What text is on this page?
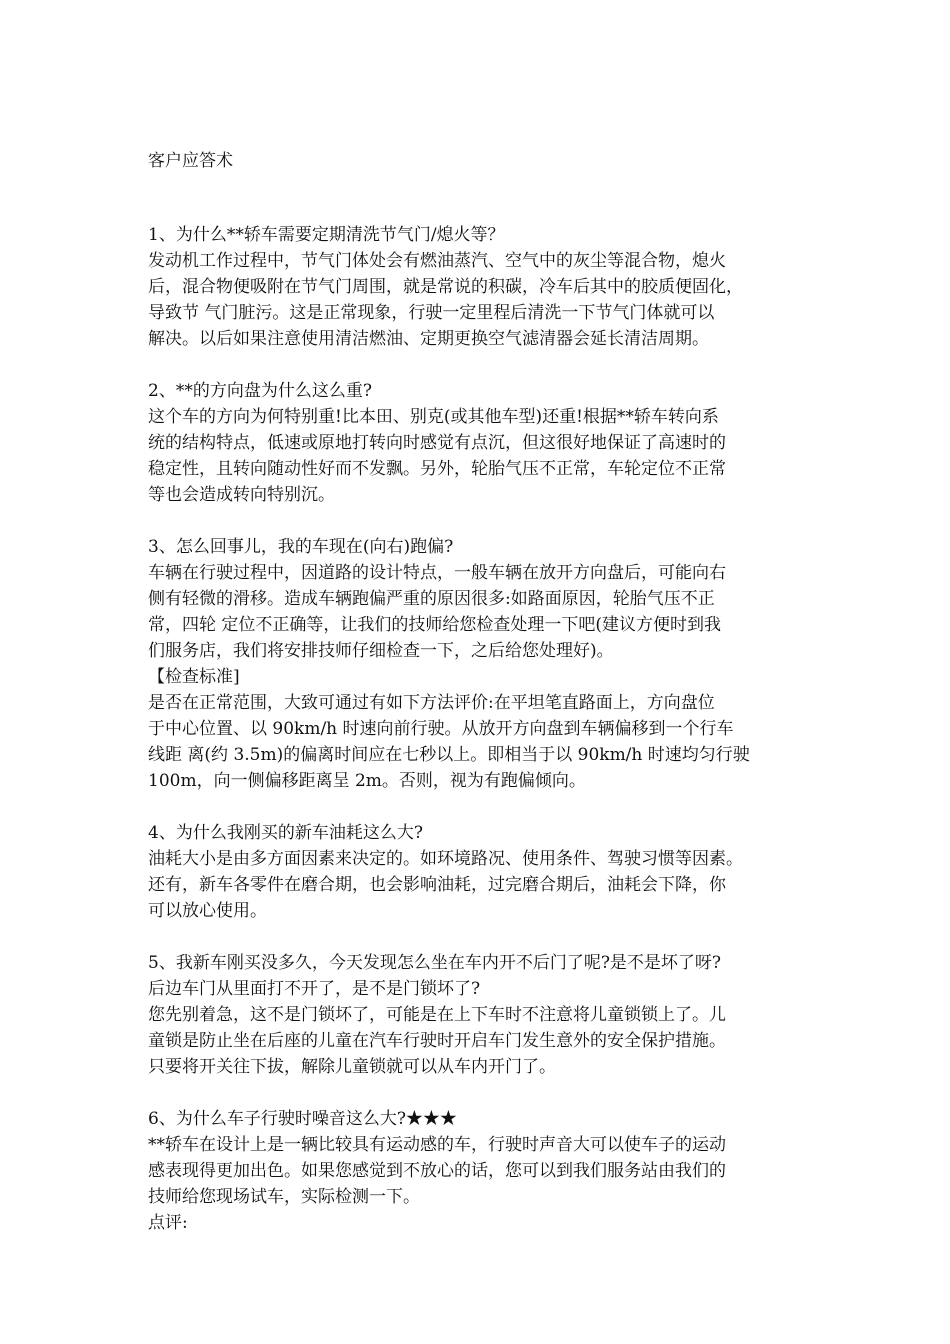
客户应答术
1、为什么**轿车需要定期清洗节气门/熄火等？
发动机工作过程中，节气门体处会有燃油蒸汽、空气中的灰尘等混合物，熄火
后，混合物便吸附在节气门周围，就是常说的积碳，冷车后其中的胶质便固化，
导致节 气门脏污。这是正常现象，行驶一定里程后清洗一下节气门体就可以
解决。以后如果注意使用清洁燃油、定期更换空气滤清器会延长清洁周期。
2、**的方向盘为什么这么重?
这个车的方向为何特别重!比本田、别克(或其他车型)还重!根据**轿车转向系
统的结构特点，低速或原地打转向时感觉有点沉，但这很好地保证了高速时的
稳定性，且转向随动性好而不发飘。另外，轮胎气压不正常，车轮定位不正常
等也会造成转向特别沉。
3、怎么回事儿，我的车现在(向右)跑偏?
车辆在行驶过程中，因道路的设计特点，一般车辆在放开方向盘后，可能向右
侧有轻微的滑移。造成车辆跑偏严重的原因很多:如路面原因，轮胎气压不正
常，四轮 定位不正确等，让我们的技师给您检查处理一下吧(建议方便时到我
们服务店，我们将安排技师仔细检查一下，之后给您处理好)。
【检查标准]
是否在正常范围，大致可通过有如下方法评价:在平坦笔直路面上，方向盘位
于中心位置、以 90km/h 时速向前行驶。从放开方向盘到车辆偏移到一个行车
线距 离(约 3.5m)的偏离时间应在七秒以上。即相当于以 90km/h 时速均匀行驶
100m，向一侧偏移距离呈 2m。否则，视为有跑偏倾向。
4、为什么我刚买的新车油耗这么大?
油耗大小是由多方面因素来决定的。如环境路况、使用条件、驾驶习惯等因素。
还有，新车各零件在磨合期，也会影响油耗，过完磨合期后，油耗会下降，你
可以放心使用。
5、我新车刚买没多久，今天发现怎么坐在车内开不后门了呢?是不是坏了呀?
后边车门从里面打不开了，是不是门锁坏了?
您先别着急，这不是门锁坏了，可能是在上下车时不注意将儿童锁锁上了。儿
童锁是防止坐在后座的儿童在汽车行驶时开启车门发生意外的安全保护措施。
只要将开关往下拔，解除儿童锁就可以从车内开门了。
6、为什么车子行驶时噪音这么大?★★★
**轿车在设计上是一辆比较具有运动感的车，行驶时声音大可以使车子的运动
感表现得更加出色。如果您感觉到不放心的话，您可以到我们服务站由我们的
技师给您现场试车，实际检测一下。
点评:
